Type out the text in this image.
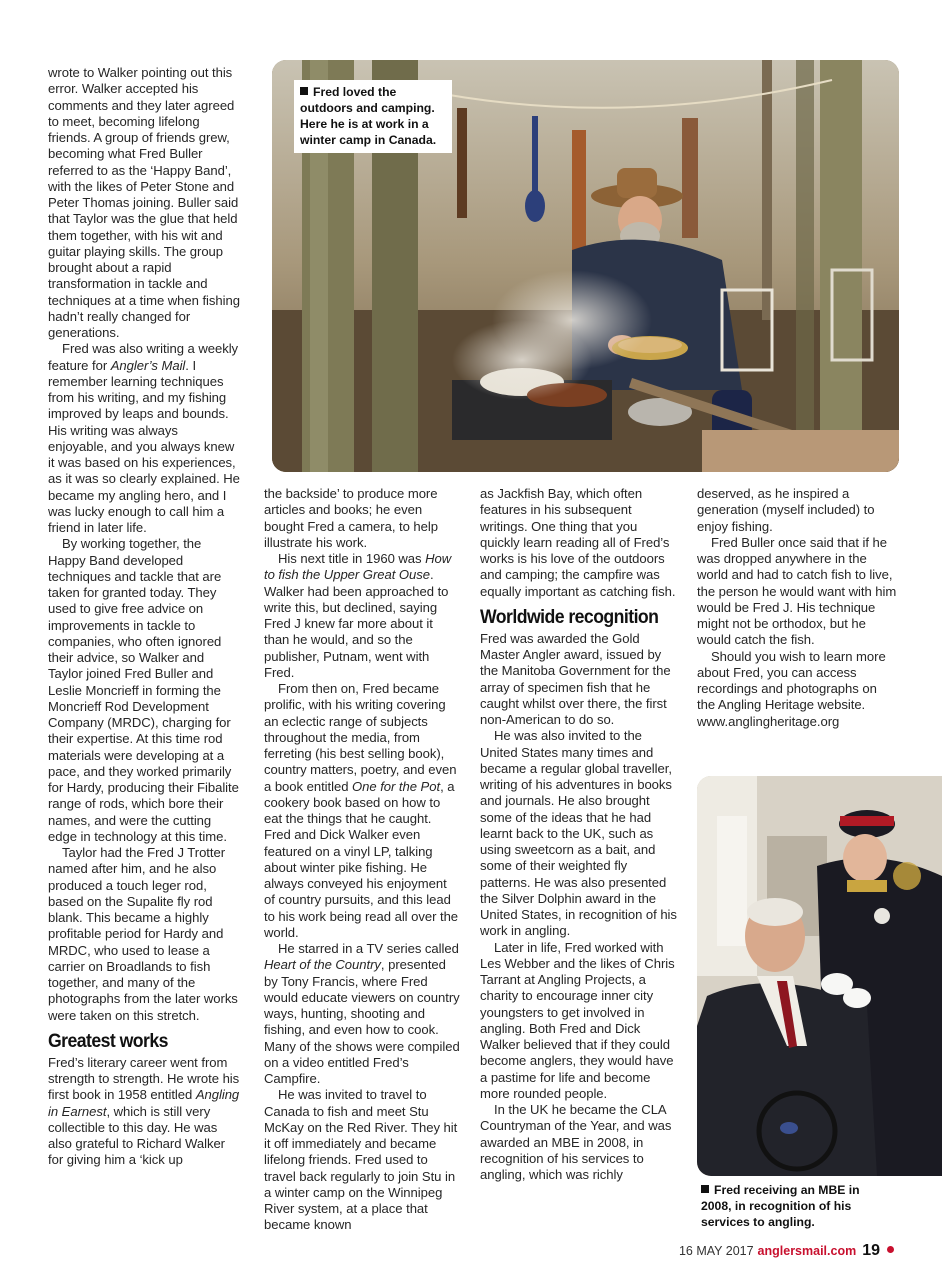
wrote to Walker pointing out this error. Walker accepted his comments and they later agreed to meet, becoming lifelong friends. A group of friends grew, becoming what Fred Buller referred to as the ‘Happy Band’, with the likes of Peter Stone and Peter Thomas joining. Buller said that Taylor was the glue that held them together, with his wit and guitar playing skills. The group brought about a rapid transformation in tackle and techniques at a time when fishing hadn’t really changed for generations.

Fred was also writing a weekly feature for Angler’s Mail. I remember learning techniques from his writing, and my fishing improved by leaps and bounds. His writing was always enjoyable, and you always knew it was based on his experiences, as it was so clearly explained. He became my angling hero, and I was lucky enough to call him a friend in later life.

By working together, the Happy Band developed techniques and tackle that are taken for granted today. They used to give free advice on improvements in tackle to companies, who often ignored their advice, so Walker and Taylor joined Fred Buller and Leslie Moncrieff in forming the Moncrieff Rod Development Company (MRDC), charging for their expertise. At this time rod materials were developing at a pace, and they worked primarily for Hardy, producing their Fibalite range of rods, which bore their names, and were the cutting edge in technology at this time.

Taylor had the Fred J Trotter named after him, and he also produced a touch leger rod, based on the Supalite fly rod blank. This became a highly profitable period for Hardy and MRDC, who used to lease a carrier on Broadlands to fish together, and many of the photographs from the later works were taken on this stretch.

Greatest works

Fred’s literary career went from strength to strength. He wrote his first book in 1958 entitled Angling in Earnest, which is still very collectible to this day. He was also grateful to Richard Walker for giving him a ‘kick up

Fred loved the outdoors and camping. Here he is at work in a winter camp in Canada.

the backside’ to produce more articles and books; he even bought Fred a camera, to help illustrate his work.

His next title in 1960 was How to fish the Upper Great Ouse. Walker had been approached to write this, but declined, saying Fred J knew far more about it than he would, and so the publisher, Putnam, went with Fred.

From then on, Fred became prolific, with his writing covering an eclectic range of subjects throughout the media, from ferreting (his best selling book), country matters, poetry, and even a book entitled One for the Pot, a cookery book based on how to eat the things that he caught. Fred and Dick Walker even featured on a vinyl LP, talking about winter pike fishing. He always conveyed his enjoyment of country pursuits, and this lead to his work being read all over the world.

He starred in a TV series called Heart of the Country, presented by Tony Francis, where Fred would educate viewers on country ways, hunting, shooting and fishing, and even how to cook. Many of the shows were compiled on a video entitled Fred’s Campfire.

He was invited to travel to Canada to fish and meet Stu McKay on the Red River. They hit it off immediately and became lifelong friends. Fred used to travel back regularly to join Stu in a winter camp on the Winnipeg River system, at a place that became known

as Jackfish Bay, which often features in his subsequent writings. One thing that you quickly learn reading all of Fred’s works is his love of the outdoors and camping; the campfire was equally important as catching fish.

Worldwide recognition

Fred was awarded the Gold Master Angler award, issued by the Manitoba Government for the array of specimen fish that he caught whilst over there, the first non-American to do so.

He was also invited to the United States many times and became a regular global traveller, writing of his adventures in books and journals. He also brought some of the ideas that he had learnt back to the UK, such as using sweetcorn as a bait, and some of their weighted fly patterns. He was also presented the Silver Dolphin award in the United States, in recognition of his work in angling.

Later in life, Fred worked with Les Webber and the likes of Chris Tarrant at Angling Projects, a charity to encourage inner city youngsters to get involved in angling. Both Fred and Dick Walker believed that if they could become anglers, they would have a pastime for life and become more rounded people.

In the UK he became the CLA Countryman of the Year, and was awarded an MBE in 2008, in recognition of his services to angling, which was richly

deserved, as he inspired a generation (myself included) to enjoy fishing.

Fred Buller once said that if he was dropped anywhere in the world and had to catch fish to live, the person he would want with him would be Fred J. His technique might not be orthodox, but he would catch the fish.

Should you wish to learn more about Fred, you can access recordings and photographs on the Angling Heritage website. www.anglingheritage.org

Fred receiving an MBE in 2008, in recognition of his services to angling.
16 MAY 2017 anglersmail.com 19
